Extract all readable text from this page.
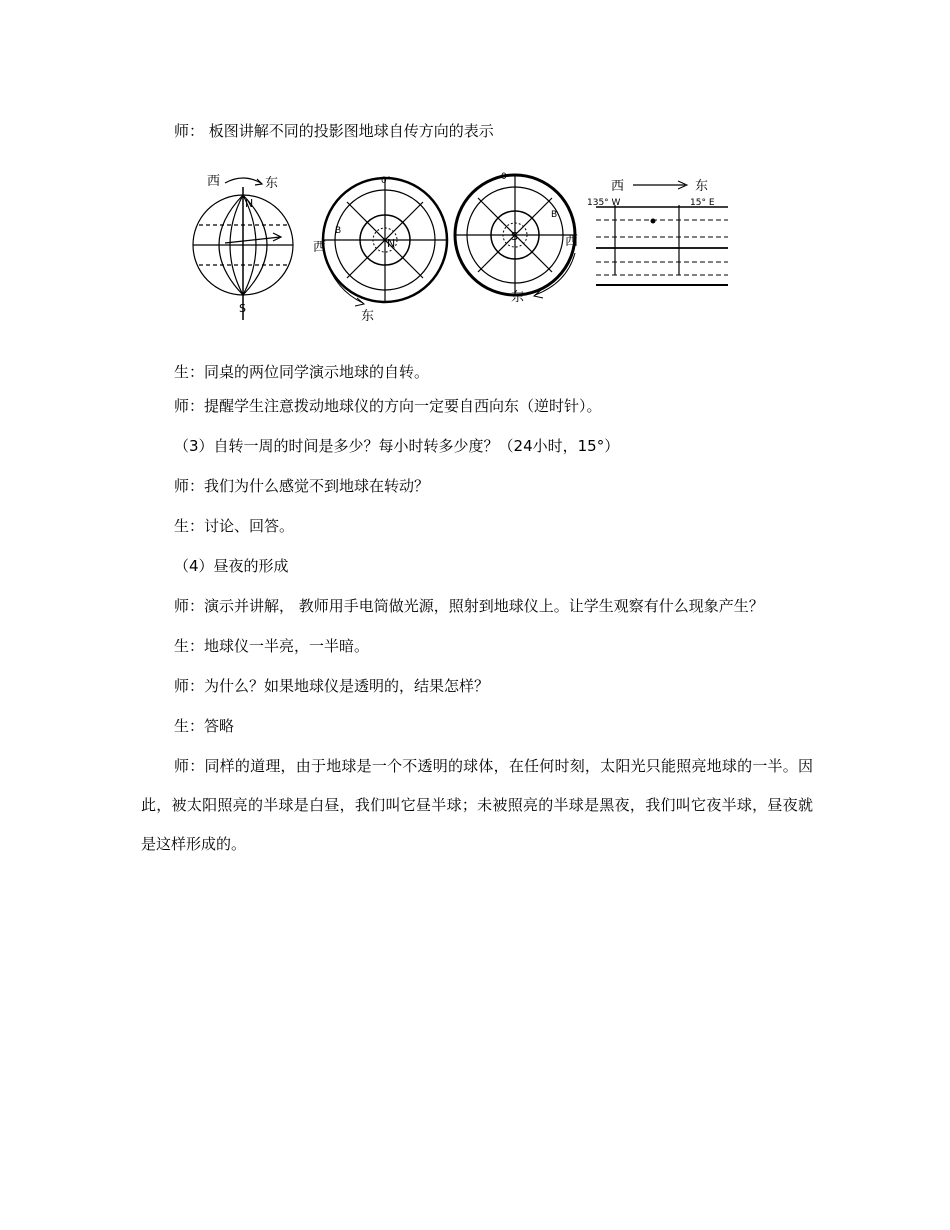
师： 板图讲解不同的投影图地球自传方向的表示
西	东
N
S
0°
B
西
东
N
0
B
西
东
S
西	东
135° W	15° E
生：同桌的两位同学演示地球的自转。
师：提醒学生注意拨动地球仪的方向一定要自西向东（逆时针）。
（3）自转一周的时间是多少？每小时转多少度？（24小时，15°）
师：我们为什么感觉不到地球在转动？
生：讨论、回答。
（4）昼夜的形成
师：演示并讲解， 教师用手电筒做光源，照射到地球仪上。让学生观察有什么现象产生？
生：地球仪一半亮，一半暗。
师：为什么？如果地球仪是透明的，结果怎样？
生：答略
师：同样的道理，由于地球是一个不透明的球体，在任何时刻，太阳光只能照亮地球的一半。因此，被太阳照亮的半球是白昼，我们叫它昼半球；未被照亮的半球是黑夜，我们叫它夜半球，昼夜就是这样形成的。
